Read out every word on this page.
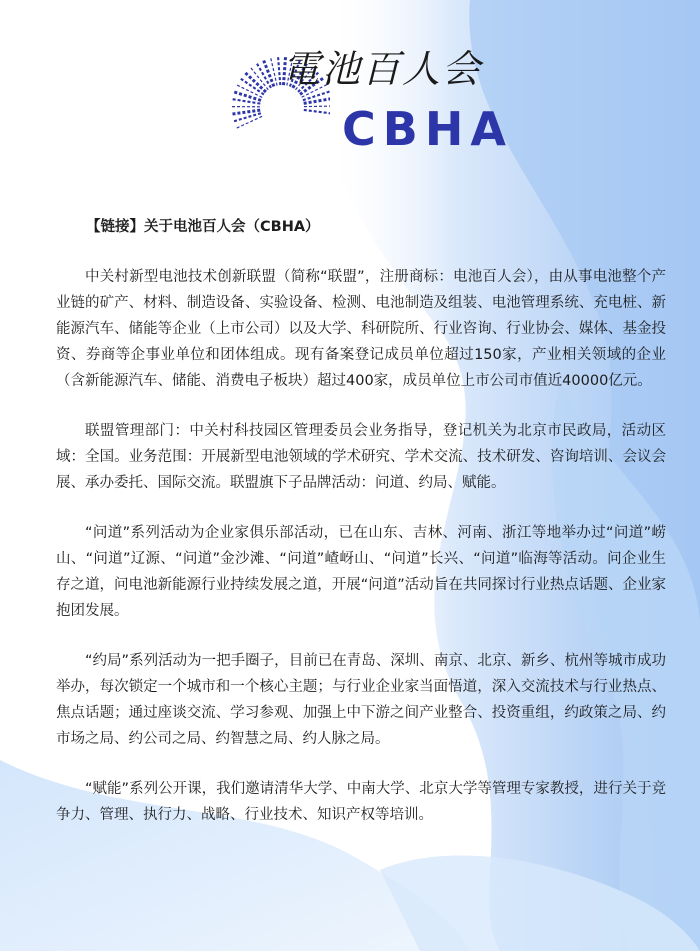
電池百人会
CBHA
【链接】关于电池百人会（CBHA）

中关村新型电池技术创新联盟（简称“联盟”，注册商标：电池百人会），由从事电池整个产业链的矿产、材料、制造设备、实验设备、检测、电池制造及组装、电池管理系统、充电桩、新能源汽车、储能等企业（上市公司）以及大学、科研院所、行业咨询、行业协会、媒体、基金投资、券商等企事业单位和团体组成。现有备案登记成员单位超过150家，产业相关领域的企业（含新能源汽车、储能、消费电子板块）超过400家，成员单位上市公司市值近40000亿元。

联盟管理部门：中关村科技园区管理委员会业务指导，登记机关为北京市民政局，活动区域：全国。业务范围：开展新型电池领域的学术研究、学术交流、技术研发、咨询培训、会议会展、承办委托、国际交流。联盟旗下子品牌活动：问道、约局、赋能。

“问道”系列活动为企业家俱乐部活动，已在山东、吉林、河南、浙江等地举办过“问道”崂山、“问道”辽源、“问道”金沙滩、“问道”嵖岈山、“问道”长兴、“问道”临海等活动。问企业生存之道，问电池新能源行业持续发展之道，开展“问道”活动旨在共同探讨行业热点话题、企业家抱团发展。

“约局”系列活动为一把手圈子，目前已在青岛、深圳、南京、北京、新乡、杭州等城市成功举办，每次锁定一个城市和一个核心主题；与行业企业家当面悟道，深入交流技术与行业热点、焦点话题；通过座谈交流、学习参观、加强上中下游之间产业整合、投资重组，约政策之局、约市场之局、约公司之局、约智慧之局、约人脉之局。

“赋能”系列公开课，我们邀请清华大学、中南大学、北京大学等管理专家教授，进行关于竞争力、管理、执行力、战略、行业技术、知识产权等培训。
